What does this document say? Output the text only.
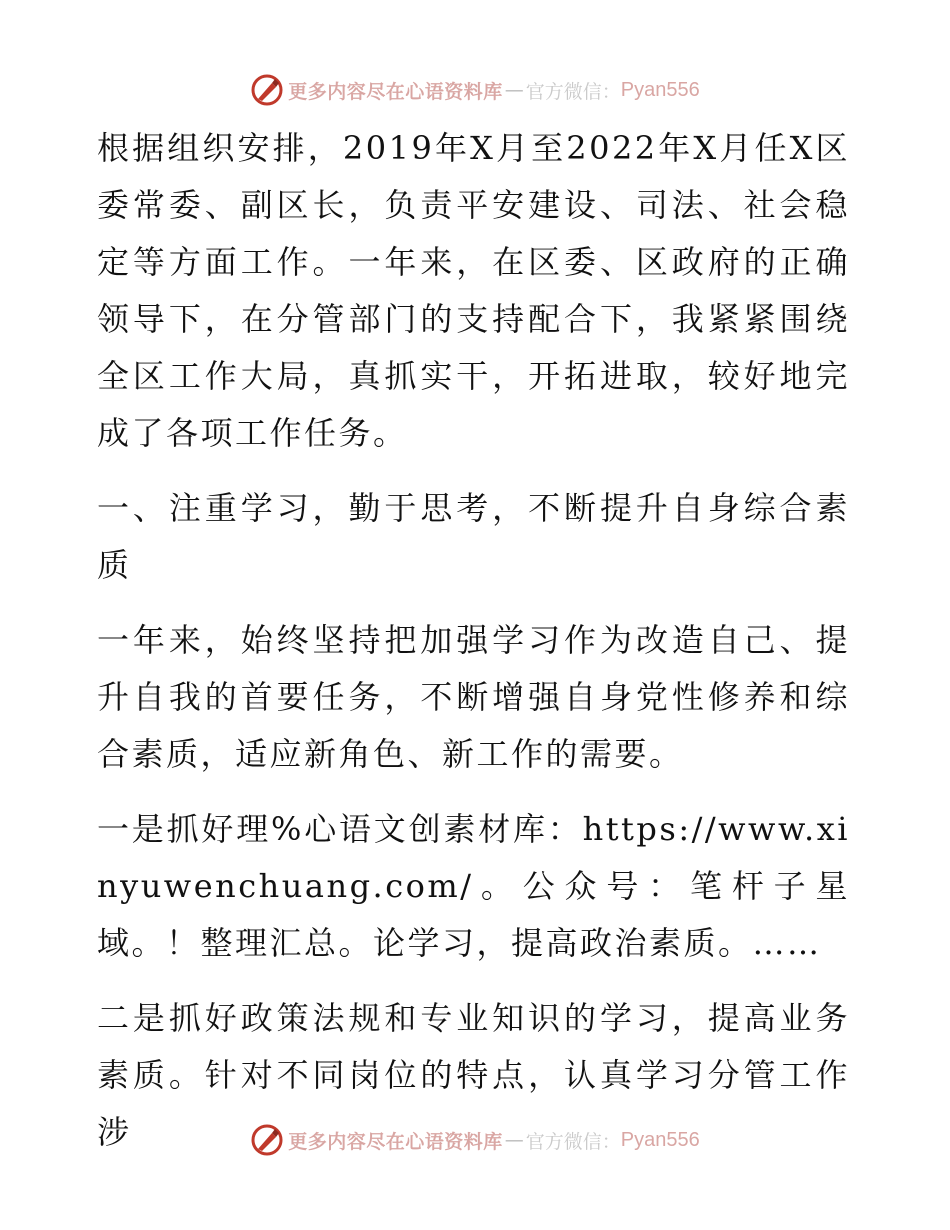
更多内容尽在心语资料库 — 官方微信： Pyan556

根据组织安排，2019年X月至2022年X月任X区委常委、副区长，负责平安建设、司法、社会稳定等方面工作。一年来，在区委、区政府的正确领导下，在分管部门的支持配合下，我紧紧围绕全区工作大局，真抓实干，开拓进取，较好地完成了各项工作任务。

一、注重学习，勤于思考，不断提升自身综合素质

一年来，始终坚持把加强学习作为改造自己、提升自我的首要任务，不断增强自身党性修养和综合素质，适应新角色、新工作的需要。

一是抓好理%心语文创素材库：https://www.xinyuwenchuang.com/。公众号：笔杆子星域。！整理汇总。论学习，提高政治素质。……

二是抓好政策法规和专业知识的学习，提高业务素质。针对不同岗位的特点，认真学习分管工作涉	更多内容尽在心语资料库 — 官方微信： Pyan556
